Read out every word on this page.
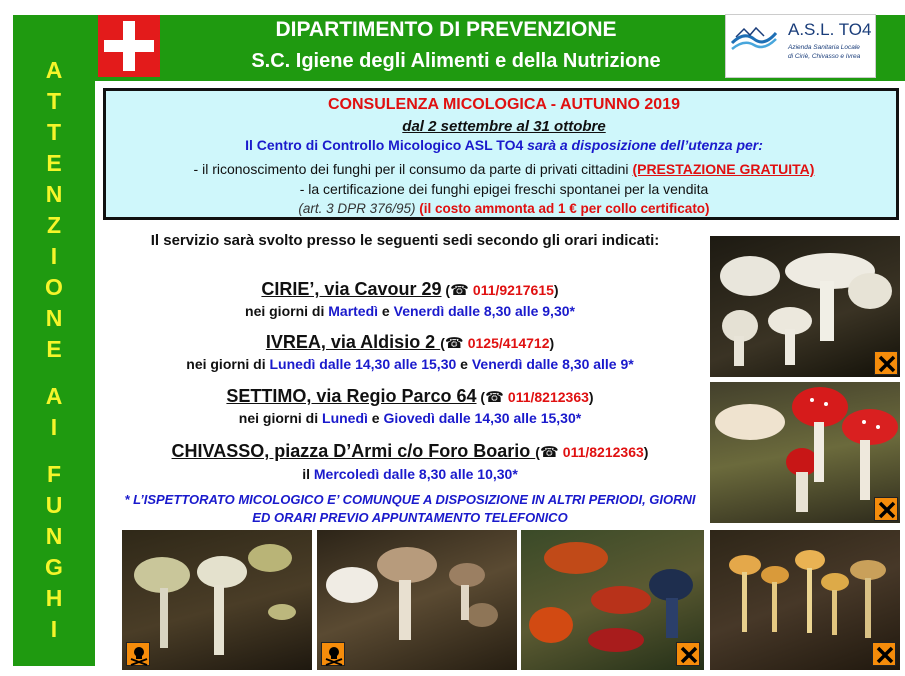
A
T
T
E
N
Z
I
O
N
E
A
I
F
U
N
G
H
I
DIPARTIMENTO DI PREVENZIONE
S.C. Igiene degli Alimenti e della Nutrizione
A.S.L. TO4
Azienda Sanitaria Locale
di Ciriè, Chivasso e Ivrea
CONSULENZA MICOLOGICA - AUTUNNO 2019
dal 2 settembre al 31 ottobre
Il Centro di Controllo Micologico ASL TO4 sarà a disposizione dell’utenza per:
- il riconoscimento dei funghi per il consumo da parte di privati cittadini (PRESTAZIONE GRATUITA)
- la certificazione dei funghi epigei freschi spontanei per la vendita
(art. 3 DPR 376/95) (il costo ammonta ad 1 € per collo certificato)
Il servizio sarà svolto presso le seguenti sedi secondo gli orari indicati:
CIRIE’, via Cavour 29 (☎ 011/9217615)
nei giorni di Martedì e Venerdì dalle 8,30 alle 9,30*
IVREA, via Aldisio 2 (☎ 0125/414712)
nei giorni di Lunedì dalle 14,30 alle 15,30 e Venerdì dalle 8,30 alle 9*
SETTIMO, via Regio Parco 64 (☎ 011/8212363)
nei giorni di Lunedì e Giovedì dalle 14,30 alle 15,30*
CHIVASSO, piazza D’Armi c/o Foro Boario (☎ 011/8212363)
il Mercoledì dalle 8,30 alle 10,30*
* L’ISPETTORATO MICOLOGICO E’ COMUNQUE A DISPOSIZIONE IN ALTRI PERIODI, GIORNI ED ORARI PREVIO APPUNTAMENTO TELEFONICO
